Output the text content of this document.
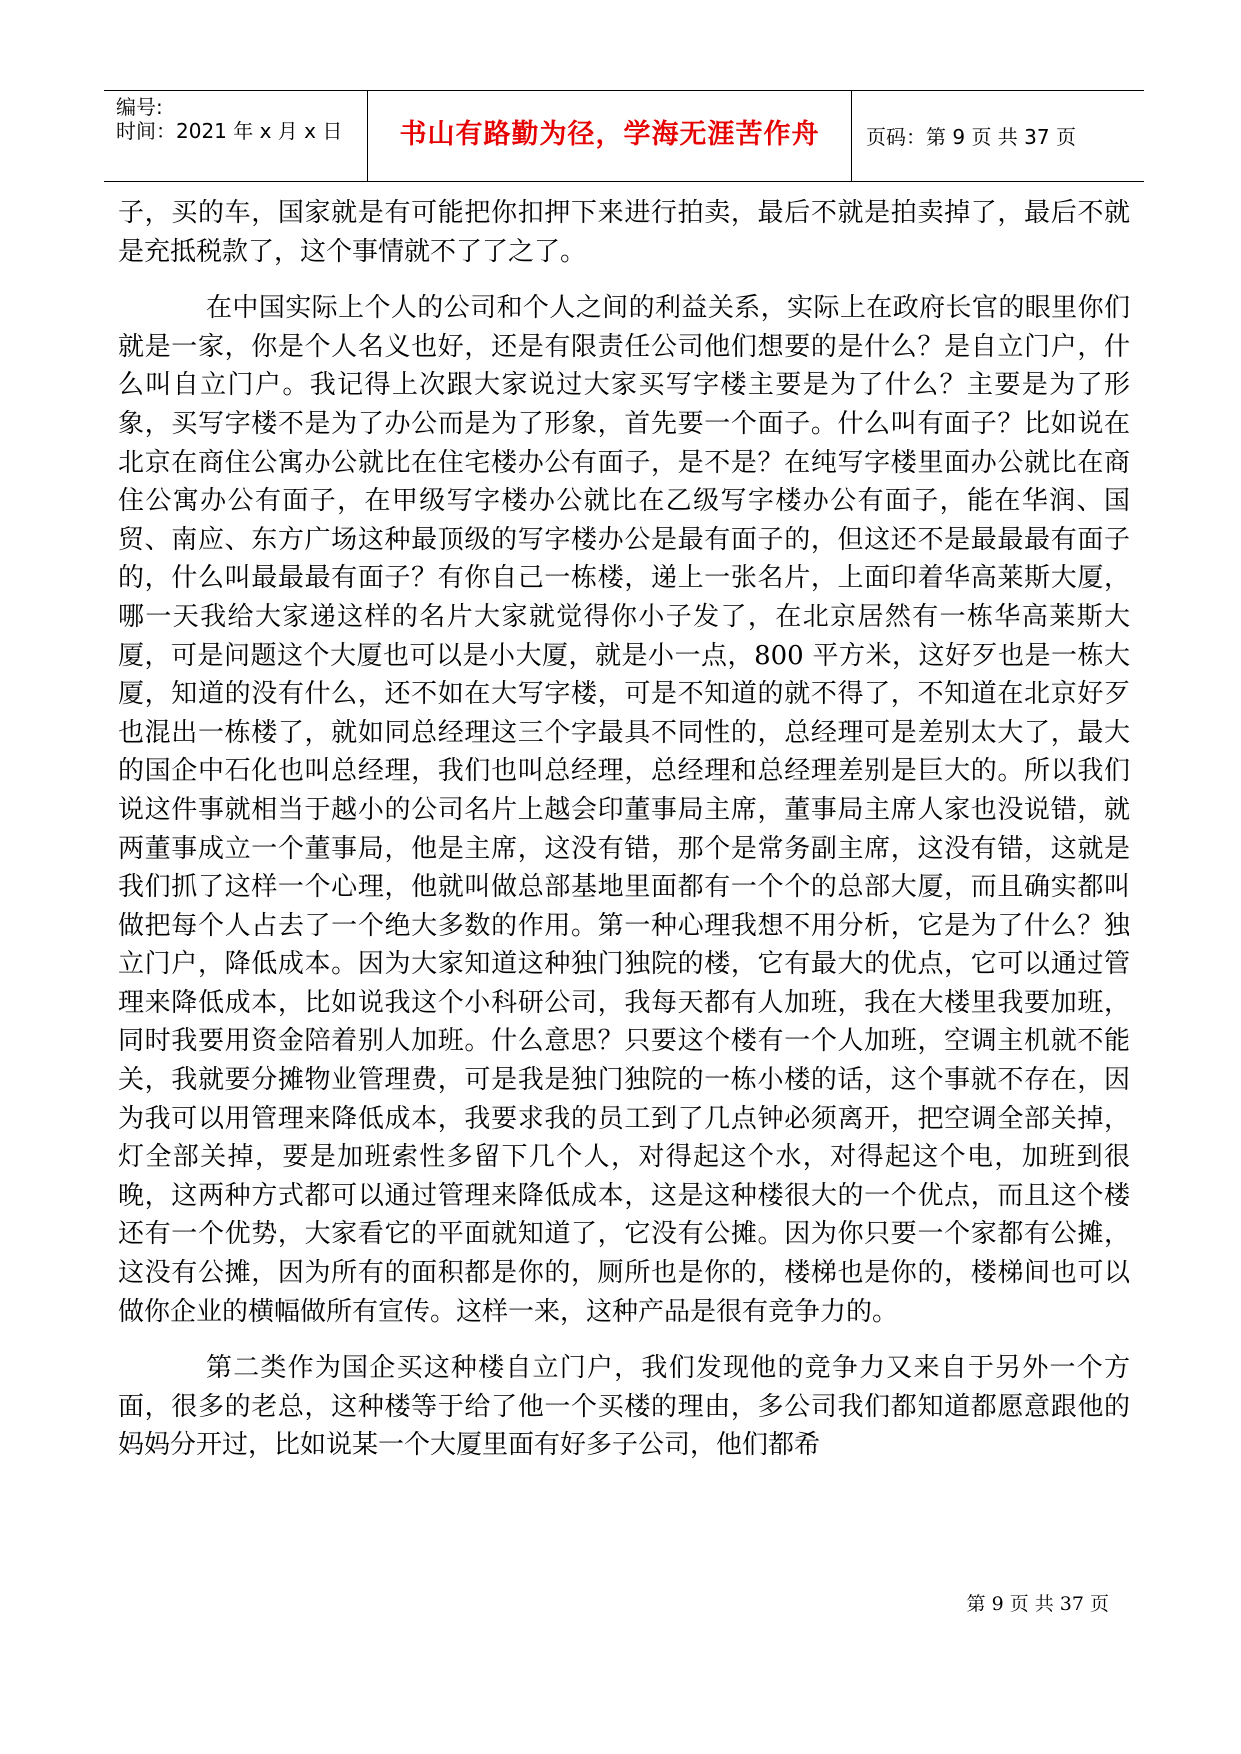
编号:
时间：2021 年 x 月 x 日	书山有路勤为径，学海无涯苦作舟	页码：第 9 页 共 37 页

子，买的车，国家就是有可能把你扣押下来进行拍卖，最后不就是拍卖掉了，最后不就是充抵税款了，这个事情就不了了之了。

在中国实际上个人的公司和个人之间的利益关系，实际上在政府长官的眼里你们就是一家，你是个人名义也好，还是有限责任公司他们想要的是什么？是自立门户，什么叫自立门户。我记得上次跟大家说过大家买写字楼主要是为了什么？主要是为了形象，买写字楼不是为了办公而是为了形象，首先要一个面子。什么叫有面子？比如说在北京在商住公寓办公就比在住宅楼办公有面子，是不是？在纯写字楼里面办公就比在商住公寓办公有面子，在甲级写字楼办公就比在乙级写字楼办公有面子，能在华润、国贸、南应、东方广场这种最顶级的写字楼办公是最有面子的，但这还不是最最最有面子的，什么叫最最最有面子？有你自己一栋楼，递上一张名片，上面印着华高莱斯大厦，哪一天我给大家递这样的名片大家就觉得你小子发了，在北京居然有一栋华高莱斯大厦，可是问题这个大厦也可以是小大厦，就是小一点，800 平方米，这好歹也是一栋大厦，知道的没有什么，还不如在大写字楼，可是不知道的就不得了，不知道在北京好歹也混出一栋楼了，就如同总经理这三个字最具不同性的，总经理可是差别太大了，最大的国企中石化也叫总经理，我们也叫总经理，总经理和总经理差别是巨大的。所以我们说这件事就相当于越小的公司名片上越会印董事局主席，董事局主席人家也没说错，就两董事成立一个董事局，他是主席，这没有错，那个是常务副主席，这没有错，这就是我们抓了这样一个心理，他就叫做总部基地里面都有一个个的总部大厦，而且确实都叫做把每个人占去了一个绝大多数的作用。第一种心理我想不用分析，它是为了什么？独立门户，降低成本。因为大家知道这种独门独院的楼，它有最大的优点，它可以通过管理来降低成本，比如说我这个小科研公司，我每天都有人加班，我在大楼里我要加班，同时我要用资金陪着别人加班。什么意思？只要这个楼有一个人加班，空调主机就不能关，我就要分摊物业管理费，可是我是独门独院的一栋小楼的话，这个事就不存在，因为我可以用管理来降低成本，我要求我的员工到了几点钟必须离开，把空调全部关掉，灯全部关掉，要是加班索性多留下几个人，对得起这个水，对得起这个电，加班到很晚，这两种方式都可以通过管理来降低成本，这是这种楼很大的一个优点，而且这个楼还有一个优势，大家看它的平面就知道了，它没有公摊。因为你只要一个家都有公摊，这没有公摊，因为所有的面积都是你的，厕所也是你的，楼梯也是你的，楼梯间也可以做你企业的横幅做所有宣传。这样一来，这种产品是很有竞争力的。

第二类作为国企买这种楼自立门户，我们发现他的竞争力又来自于另外一个方面，很多的老总，这种楼等于给了他一个买楼的理由，多公司我们都知道都愿意跟他的妈妈分开过，比如说某一个大厦里面有好多子公司，他们都希

第 9 页 共 37 页
